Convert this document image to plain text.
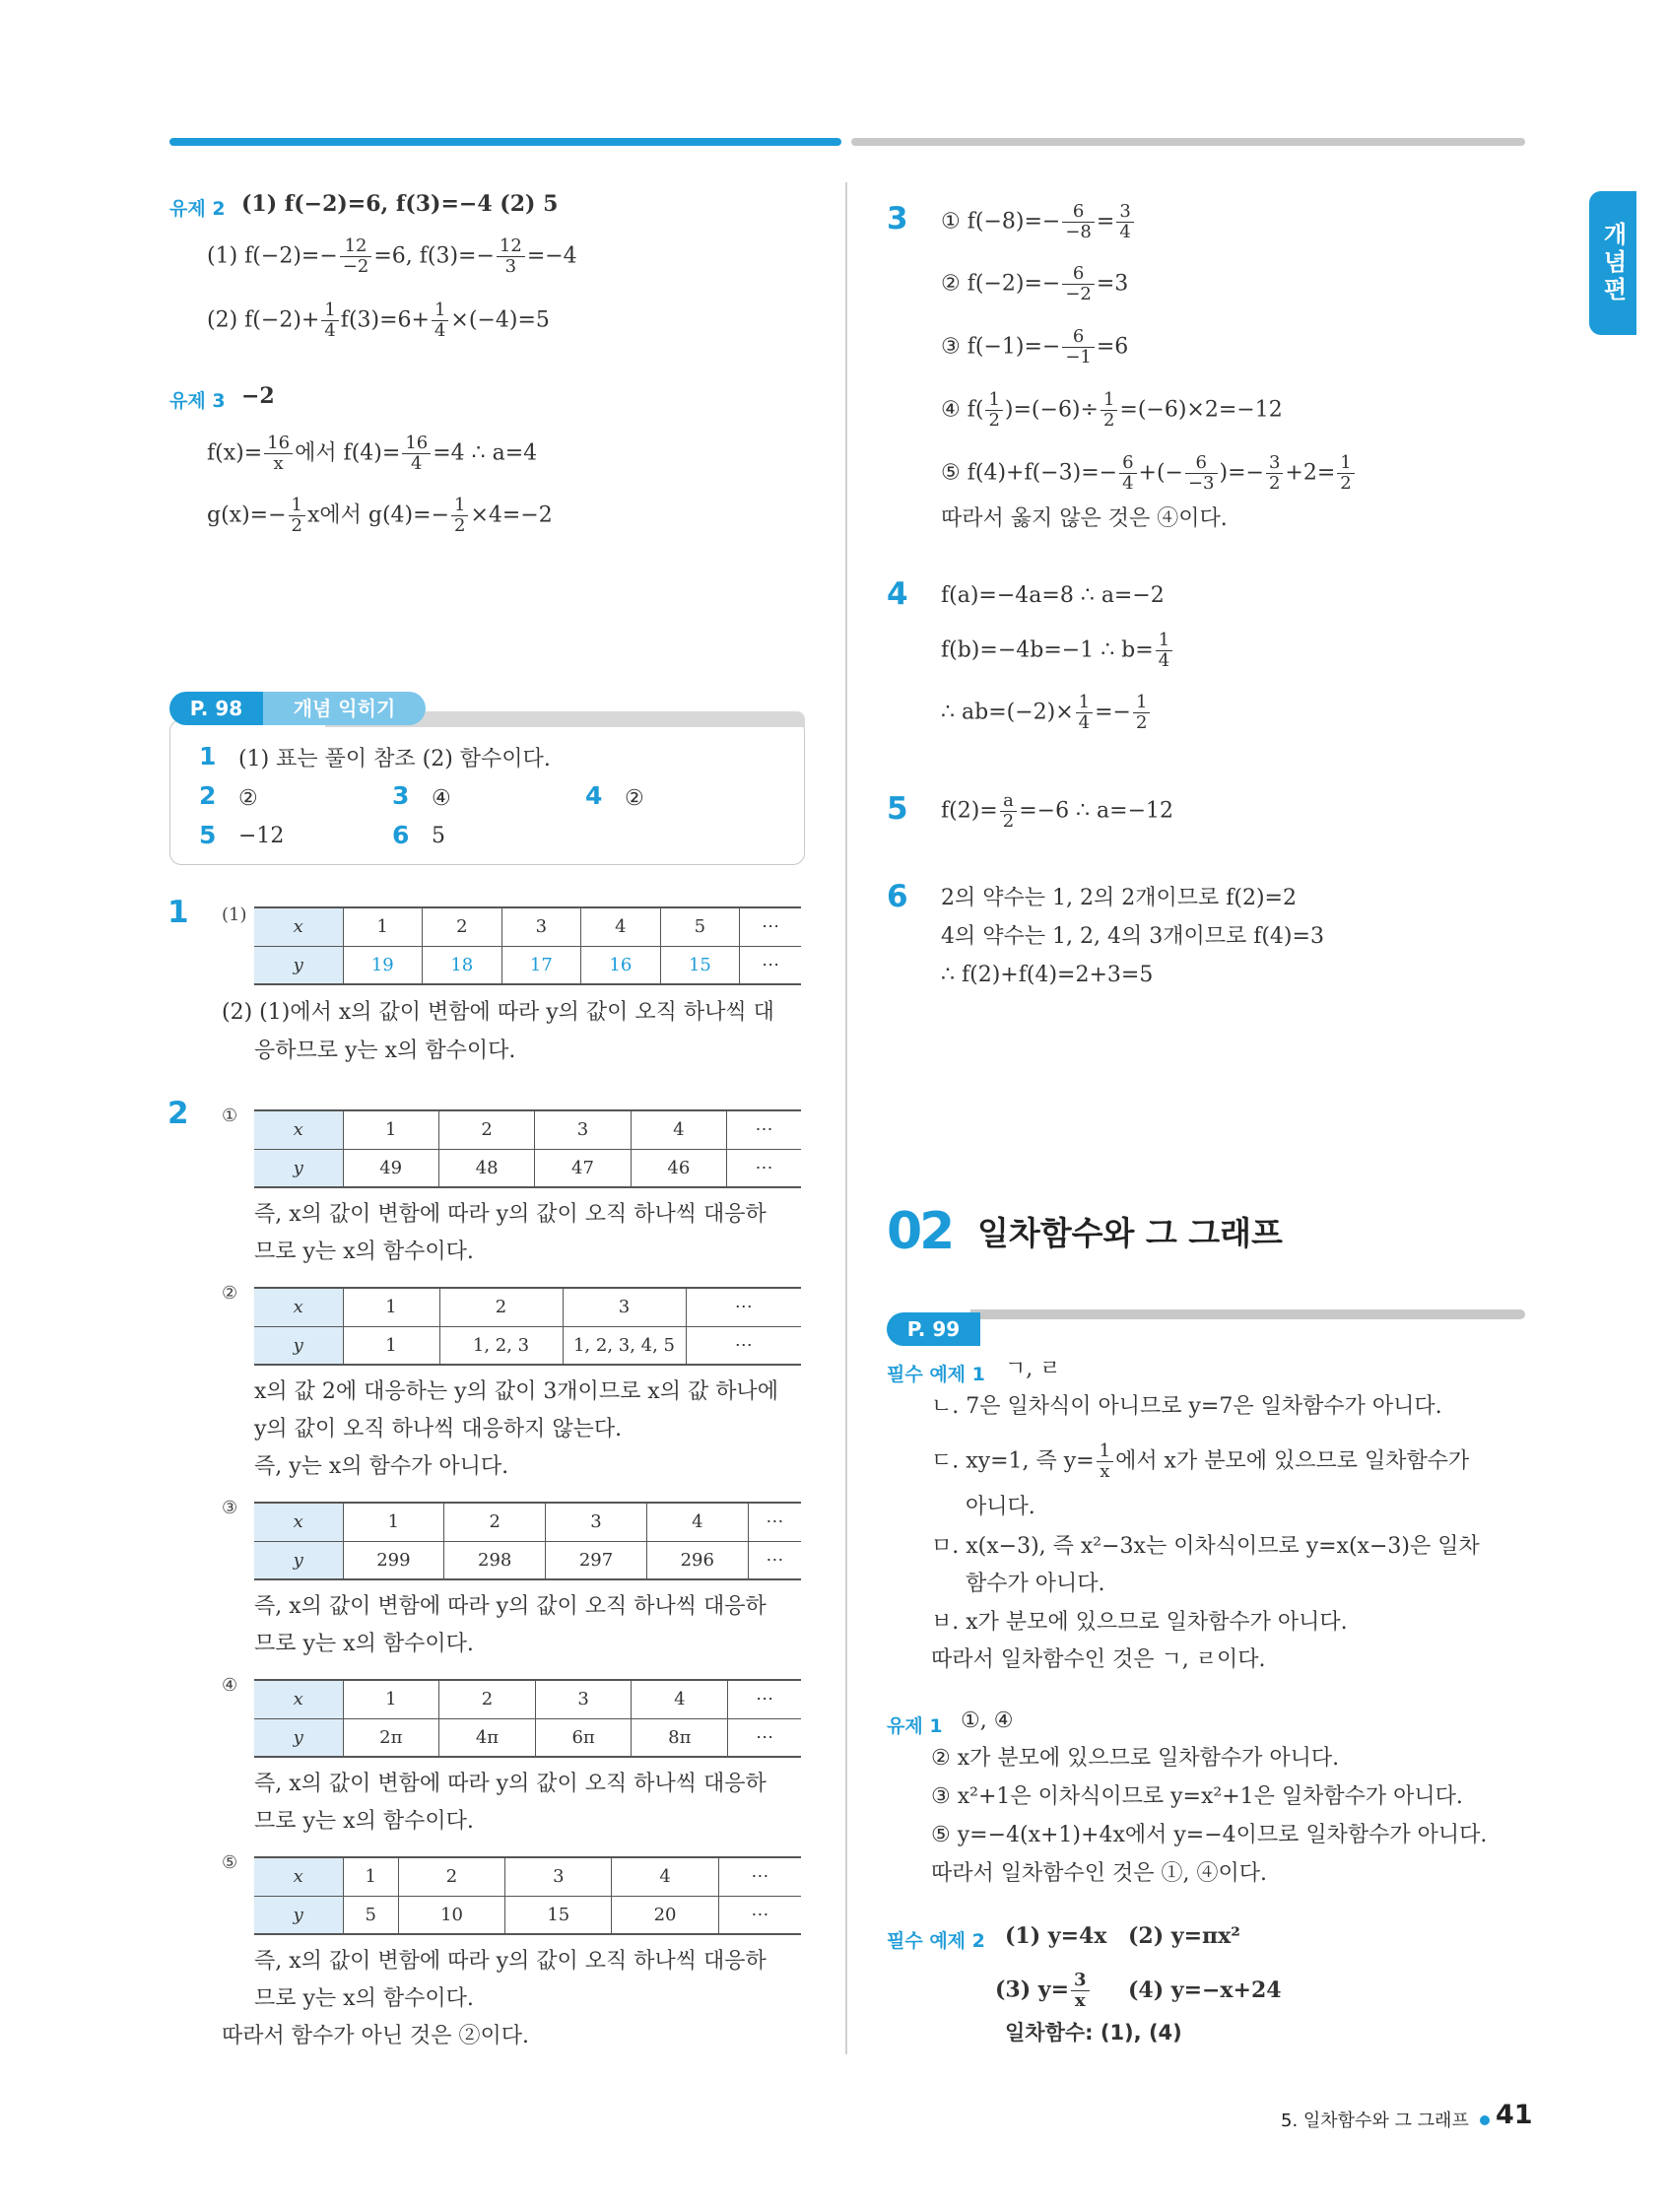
개념편
유제 2 (1) f(−2)=6, f(3)=−4 (2) 5
(1) $f(-2)=- \frac{12}{-2} =6$, $f(3)=- \frac{12}{3} =-4$
(2) $f(-2)+ \frac{1}{4} f(3)=6+ \frac{1}{4} \times(-4)=5$
유제 3 −2
$f(x)= \frac{16}{x}$ 에서 $f(4)= \frac{16}{4} =4$ ∴ a=4
$g(x)=- \frac{1}{2}$ x에서 $g(4)=- \frac{1}{2} \times 4=-2$
P. 98	개념 익히기
1 (1) 표는 풀이 참조 (2) 함수이다.
2 ②	3 ④	4 ②
5 −12	6 5
1 (1)
x	1	2	3	4	5	⋯
y	19	18	17	16	15	⋯
(2) (1)에서 x의 값이 변함에 따라 y의 값이 오직 하나씩 대
응하므로 y는 x의 함수이다.
2 ①
x	1	2	3	4	⋯
y	49	48	47	46	⋯
즉, x의 값이 변함에 따라 y의 값이 오직 하나씩 대응하
므로 y는 x의 함수이다.
②
x	1	2	3	⋯
y	1	1, 2, 3	1, 2, 3, 4, 5	⋯
x의 값 2에 대응하는 y의 값이 3개이므로 x의 값 하나에
y의 값이 오직 하나씩 대응하지 않는다.
즉, y는 x의 함수가 아니다.
③
x	1	2	3	4	⋯
y	299	298	297	296	⋯
즉, x의 값이 변함에 따라 y의 값이 오직 하나씩 대응하
므로 y는 x의 함수이다.
④
x	1	2	3	4	⋯
y	2π	4π	6π	8π	⋯
즉, x의 값이 변함에 따라 y의 값이 오직 하나씩 대응하
므로 y는 x의 함수이다.
⑤
x	1	2	3	4	⋯
y	5	10	15	20	⋯
즉, x의 값이 변함에 따라 y의 값이 오직 하나씩 대응하
므로 y는 x의 함수이다.
따라서 함수가 아닌 것은 ②이다.
3 ① $f(-8)=- \frac{6}{-8} = \frac{3}{4}$
② $f(-2)=- \frac{6}{-2} =3$
③ $f(-1)=- \frac{6}{-1} =6$
④ $f( \frac{1}{2} )=(-6)\div \frac{1}{2} =(-6)\times 2=-12$
⑤ $f(4)+f(-3)=- \frac{6}{4}$ +(− $\frac{6}{-3}$ )=− $\frac{3}{2} +2= \frac{1}{2}$
따라서 옳지 않은 것은 ④이다.
4 f(a)=−4a=8 ∴ a=−2
f(b)=−4b=−1 ∴ $b= \frac{1}{4}$
∴ $ab=(-2)\times \frac{1}{4} =- \frac{1}{2}$
5 $f(2)= \frac{a}{2} =-6$ ∴ a=−12
6 2의 약수는 1, 2의 2개이므로 f(2)=2
4의 약수는 1, 2, 4의 3개이므로 f(4)=3
∴ f(2)+f(4)=2+3=5
02 일차함수와 그 그래프
P. 99
필수 예제 1 ㄱ, ㄹ
ㄴ. 7은 일차식이 아니므로 y=7은 일차함수가 아니다.
ㄷ. xy=1, 즉 $y= \frac{1}{x}$ 에서 x가 분모에 있으므로 일차함수가
아니다.
ㅁ. x(x−3), 즉 x²−3x는 이차식이므로 y=x(x−3)은 일차
함수가 아니다.
ㅂ. x가 분모에 있으므로 일차함수가 아니다.
따라서 일차함수인 것은 ㄱ, ㄹ이다.
유제 1 ①, ④
② x가 분모에 있으므로 일차함수가 아니다.
③ x²+1은 이차식이므로 y=x²+1은 일차함수가 아니다.
⑤ y=−4(x+1)+4x에서 y=−4이므로 일차함수가 아니다.
따라서 일차함수인 것은 ①, ④이다.
필수 예제 2 (1) y=4x (2) y=πx²
(3) $y= \frac{3}{x} (4)$ y=−x+24
일차함수: (1), (4)
5. 일차함수와 그 그래프 41
